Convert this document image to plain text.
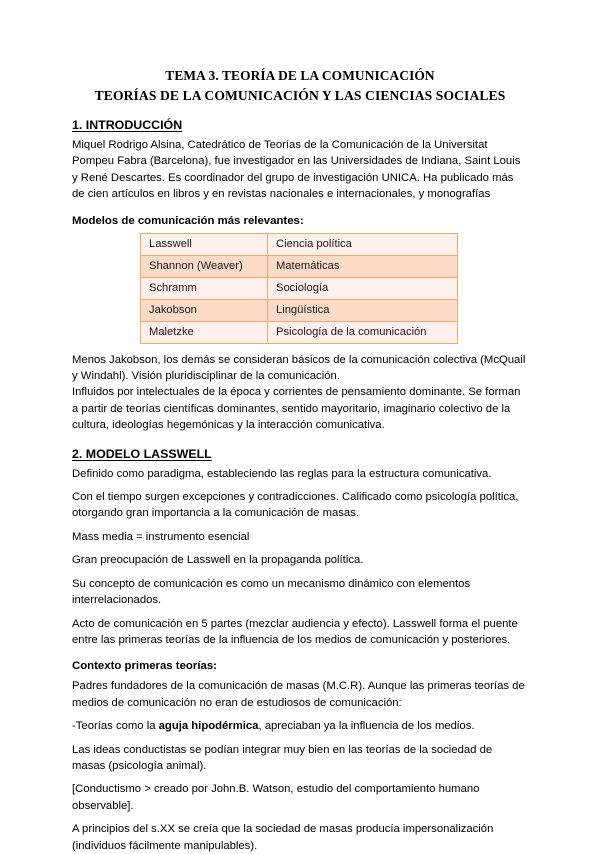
TEMA 3. TEORÍA DE LA COMUNICACIÓN
TEORÍAS DE LA COMUNICACIÓN Y LAS CIENCIAS SOCIALES
1. INTRODUCCIÓN

Miquel Rodrigo Alsina, Catedrático de Teorías de la Comunicación de la Universitat Pompeu Fabra (Barcelona), fue investigador en las Universidades de Indiana, Saint Louis y René Descartes. Es coordinador del grupo de investigación UNICA. Ha publicado más de cien artículos en libros y en revistas nacionales e internacionales, y monografías

Modelos de comunicación más relevantes:
Lasswell	Ciencia política
Shannon (Weaver)	Matemáticas
Schramm	Sociología
Jakobson	Lingüística
Maletzke	Psicología de la comunicación

Menos Jakobson, los demás se consideran básicos de la comunicación colectiva (McQuail y Windahl). Visión pluridisciplinar de la comunicación.

Influidos por intelectuales de la época y corrientes de pensamiento dominante. Se forman a partir de teorías científicas dominantes, sentido mayoritario, imaginario colectivo de la cultura, ideologías hegemónicas y la interacción comunicativa.

2. MODELO LASSWELL

Definido como paradigma, estableciendo las reglas para la estructura comunicativa.

Con el tiempo surgen excepciones y contradicciones. Calificado como psicología política, otorgando gran importancia a la comunicación de masas.

Mass media = instrumento esencial

Gran preocupación de Lasswell en la propaganda política.

Su concepto de comunicación es como un mecanismo dinámico con elementos interrelacionados.

Acto de comunicación en 5 partes (mezclar audiencia y efecto). Lasswell forma el puente entre las primeras teorías de la influencia de los medios de comunicación y posteriores.

Contexto primeras teorías:

Padres fundadores de la comunicación de masas (M.C.R). Aunque las primeras teorías de medios de comunicación no eran de estudiosos de comunicación:

-Teorías como la aguja hipodérmica, apreciaban ya la influencia de los medios.

Las ideas conductistas se podían integrar muy bien en las teorías de la sociedad de masas (psicología animal).

[Conductismo > creado por John.B. Watson, estudio del comportamiento humano observable].

A principios del s.XX se creía que la sociedad de masas producía impersonalización (individuos fácilmente manipulables).
